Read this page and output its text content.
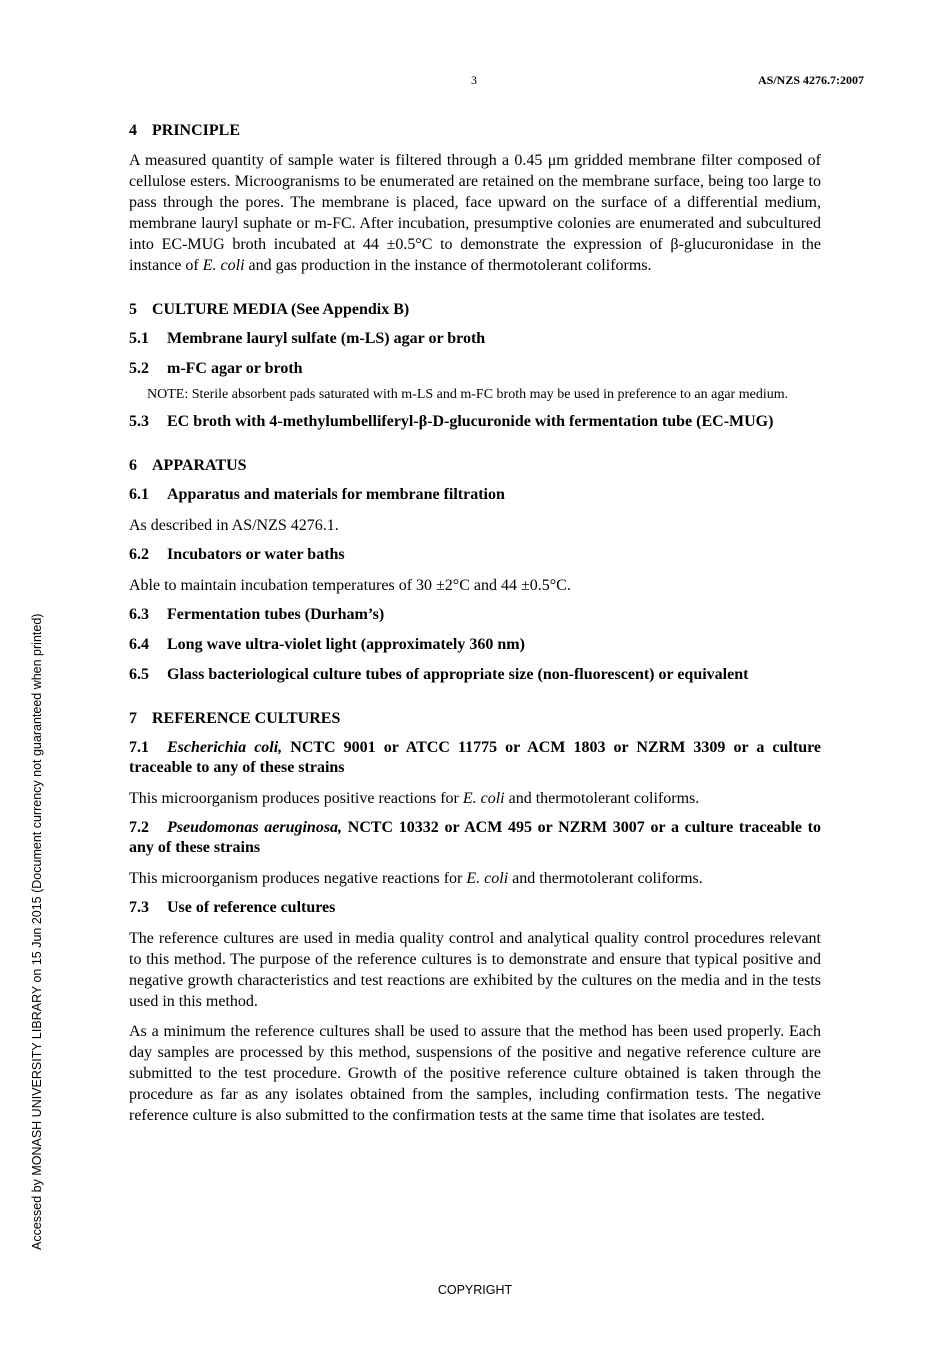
3	AS/NZS 4276.7:2007
Accessed by MONASH UNIVERSITY LIBRARY on 15 Jun 2015 (Document currency not guaranteed when printed)
4 PRINCIPLE
A measured quantity of sample water is filtered through a 0.45 μm gridded membrane filter composed of cellulose esters. Microogranisms to be enumerated are retained on the membrane surface, being too large to pass through the pores. The membrane is placed, face upward on the surface of a differential medium, membrane lauryl suphate or m-FC. After incubation, presumptive colonies are enumerated and subcultured into EC-MUG broth incubated at 44 ±0.5°C to demonstrate the expression of β-glucuronidase in the instance of E. coli and gas production in the instance of thermotolerant coliforms.
5 CULTURE MEDIA (See Appendix B)
5.1 Membrane lauryl sulfate (m-LS) agar or broth
5.2 m-FC agar or broth
NOTE: Sterile absorbent pads saturated with m-LS and m-FC broth may be used in preference to an agar medium.
5.3 EC broth with 4-methylumbelliferyl-β-D-glucuronide with fermentation tube (EC-MUG)
6 APPARATUS
6.1 Apparatus and materials for membrane filtration
As described in AS/NZS 4276.1.
6.2 Incubators or water baths
Able to maintain incubation temperatures of 30 ±2°C and 44 ±0.5°C.
6.3 Fermentation tubes (Durham’s)
6.4 Long wave ultra-violet light (approximately 360 nm)
6.5 Glass bacteriological culture tubes of appropriate size (non-fluorescent) or equivalent
7 REFERENCE CULTURES
7.1 Escherichia coli, NCTC 9001 or ATCC 11775 or ACM 1803 or NZRM 3309 or a culture traceable to any of these strains
This microorganism produces positive reactions for E. coli and thermotolerant coliforms.
7.2 Pseudomonas aeruginosa, NCTC 10332 or ACM 495 or NZRM 3007 or a culture traceable to any of these strains
This microorganism produces negative reactions for E. coli and thermotolerant coliforms.
7.3 Use of reference cultures
The reference cultures are used in media quality control and analytical quality control procedures relevant to this method. The purpose of the reference cultures is to demonstrate and ensure that typical positive and negative growth characteristics and test reactions are exhibited by the cultures on the media and in the tests used in this method.
As a minimum the reference cultures shall be used to assure that the method has been used properly. Each day samples are processed by this method, suspensions of the positive and negative reference culture are submitted to the test procedure. Growth of the positive reference culture obtained is taken through the procedure as far as any isolates obtained from the samples, including confirmation tests. The negative reference culture is also submitted to the confirmation tests at the same time that isolates are tested.
COPYRIGHT
